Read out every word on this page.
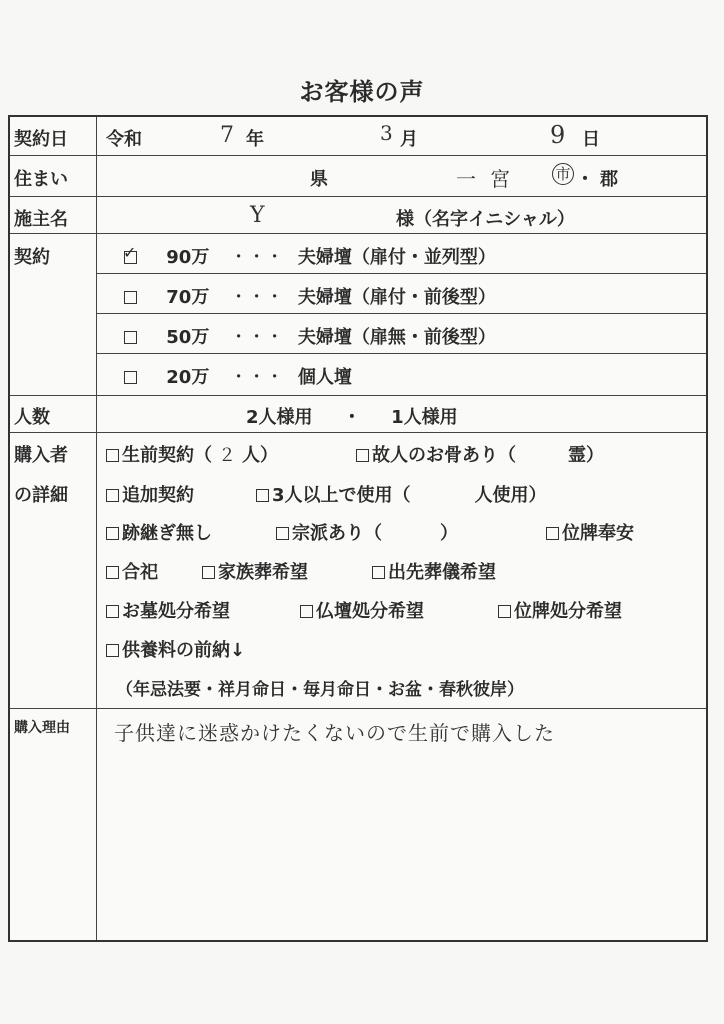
お客様の声
契約日	令和	7 年	3 月	9 日
住まい	県	一宮 市 ・ 郡
施主名	Y	様（名字イニシャル）
契約	✓ 90万 ・・・ 夫婦壇（扉付・並列型）
70万 ・・・ 夫婦壇（扉付・前後型）
50万 ・・・ 夫婦壇（扉無・前後型）
20万 ・・・ 個人壇
人数	2人様用 ・ 1人様用
購入者
の詳細
生前契約（ ２ 人）	故人のお骨あり（	霊）
追加契約	3人以上で使用（	人使用）
跡継ぎ無し	宗派あり（	）	位牌奉安
合祀	家族葬希望	出先葬儀希望
お墓処分希望	仏壇処分希望	位牌処分希望
供養料の前納↓
（年忌法要・祥月命日・毎月命日・お盆・春秋彼岸）
購入理由	子供達に迷惑かけたくないので生前で購入した
